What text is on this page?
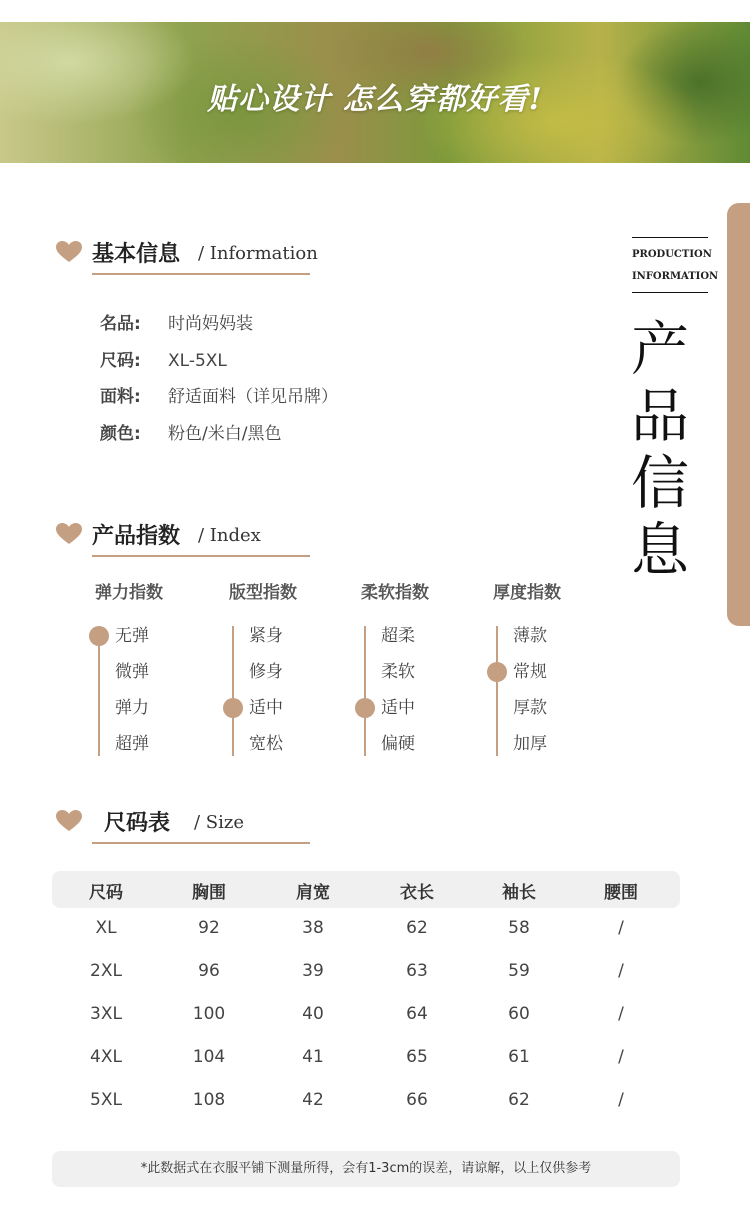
贴心设计 怎么穿都好看!
PRODUCTION
INFORMATION
产
品
信
息
基本信息 / Information
名品: 时尚妈妈装
尺码: XL-5XL
面料: 舒适面料（详见吊牌）
颜色: 粉色/米白/黑色
产品指数 / Index
弹力指数
无弹
微弹
弹力
超弹
版型指数
紧身
修身
适中
宽松
柔软指数
超柔
柔软
适中
偏硬
厚度指数
薄款
常规
厚款
加厚
尺码表 / Size
尺码	胸围	肩宽	衣长	袖长	腰围
XL	92	38	62	58	/
2XL	96	39	63	59	/
3XL	100	40	64	60	/
4XL	104	41	65	61	/
5XL	108	42	66	62	/
*此数据式在衣服平铺下测量所得，会有1-3cm的误差，请谅解，以上仅供参考
